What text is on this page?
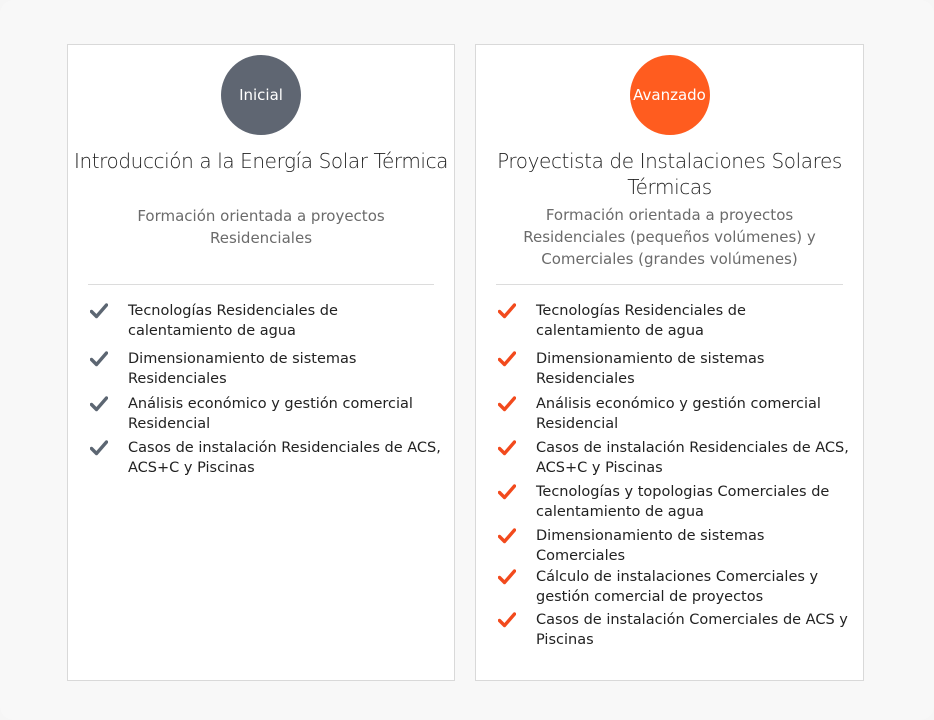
Inicial
Introducción a la Energía Solar Térmica
Formación orientada a proyectos Residenciales
Tecnologías Residenciales de calentamiento de agua
Dimensionamiento de sistemas Residenciales
Análisis económico y gestión comercial Residencial
Casos de instalación Residenciales de ACS, ACS+C y Piscinas
Avanzado
Proyectista de Instalaciones Solares Térmicas
Formación orientada a proyectos Residenciales (pequeños volúmenes) y Comerciales (grandes volúmenes)
Tecnologías Residenciales de calentamiento de agua
Dimensionamiento de sistemas Residenciales
Análisis económico y gestión comercial Residencial
Casos de instalación Residenciales de ACS, ACS+C y Piscinas
Tecnologías y topologias Comerciales de calentamiento de agua
Dimensionamiento de sistemas Comerciales
Cálculo de instalaciones Comerciales y gestión comercial de proyectos
Casos de instalación Comerciales de ACS y Piscinas
